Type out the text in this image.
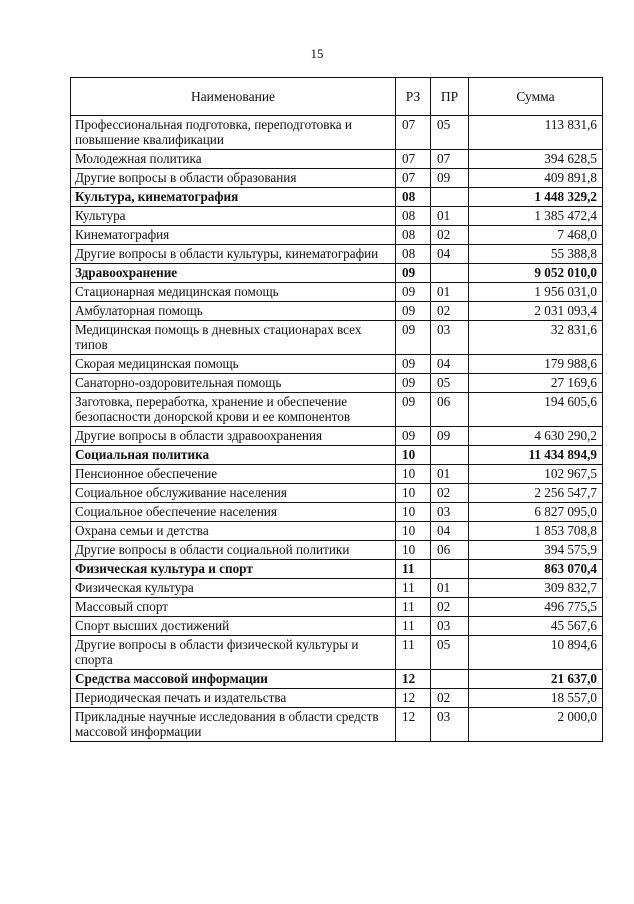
15
Наименование	РЗ	ПР	Сумма
Профессиональная подготовка, переподготовка и повышение квалификации	07	05	113 831,6
Молодежная политика	07	07	394 628,5
Другие вопросы в области образования	07	09	409 891,8
Культура, кинематография	08		1 448 329,2
Культура	08	01	1 385 472,4
Кинематография	08	02	7 468,0
Другие вопросы в области культуры, кинематографии	08	04	55 388,8
Здравоохранение	09		9 052 010,0
Стационарная медицинская помощь	09	01	1 956 031,0
Амбулаторная помощь	09	02	2 031 093,4
Медицинская помощь в дневных стационарах всех типов	09	03	32 831,6
Скорая медицинская помощь	09	04	179 988,6
Санаторно-оздоровительная помощь	09	05	27 169,6
Заготовка, переработка, хранение и обеспечение безопасности донорской крови и ее компонентов	09	06	194 605,6
Другие вопросы в области здравоохранения	09	09	4 630 290,2
Социальная политика	10		11 434 894,9
Пенсионное обеспечение	10	01	102 967,5
Социальное обслуживание населения	10	02	2 256 547,7
Социальное обеспечение населения	10	03	6 827 095,0
Охрана семьи и детства	10	04	1 853 708,8
Другие вопросы в области социальной политики	10	06	394 575,9
Физическая культура и спорт	11		863 070,4
Физическая культура	11	01	309 832,7
Массовый спорт	11	02	496 775,5
Спорт высших достижений	11	03	45 567,6
Другие вопросы в области физической культуры и спорта	11	05	10 894,6
Средства массовой информации	12		21 637,0
Периодическая печать и издательства	12	02	18 557,0
Прикладные научные исследования в области средств массовой информации	12	03	2 000,0
